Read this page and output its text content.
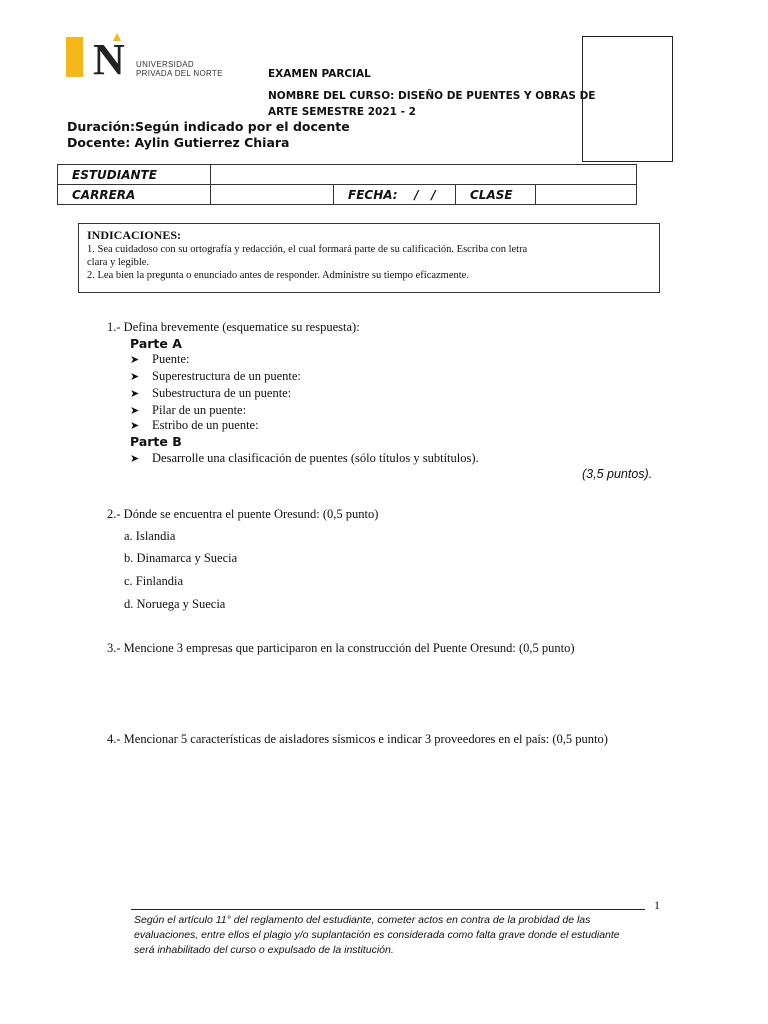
N UNIVERSIDAD
PRIVADA DEL NORTE	EXAMEN PARCIAL
NOMBRE DEL CURSO: DISEÑO DE PUENTES Y OBRAS DE
ARTE SEMESTRE 2021 - 2
Duración:Según indicado por el docente
Docente: Aylin Gutierrez Chiara
ESTUDIANTE				
CARRERA		FECHA: /   /	CLASE	
INDICACIONES:
1. Sea cuidadoso con su ortografía y redacción, el cual formará parte de su calificación. Escriba con letra
clara y legible.
2. Lea bien la pregunta o enunciado antes de responder. Administre su tiempo eficazmente.
1.- Defina brevemente (esquematice su respuesta):
Parte A
➤ Puente:
➤ Superestructura de un puente:
➤ Subestructura de un puente:
➤ Pilar de un puente:
➤ Estribo de un puente:
Parte B
➤ Desarrolle una clasificación de puentes (sólo títulos y subtítulos).
(3,5 puntos).
2.- Dónde se encuentra el puente Oresund: (0,5 punto)
a. Islandia
b. Dinamarca y Suecia
c. Finlandia
d. Noruega y Suecia
3.- Mencione 3 empresas que participaron en la construcción del Puente Oresund: (0,5 punto)
4.- Mencionar 5 características de aisladores sísmicos e indicar 3 proveedores en el país: (0,5 punto)
1
Según el artículo 11° del reglamento del estudiante, cometer actos en contra de la probidad de las
evaluaciones, entre ellos el plagio y/o suplantación es considerada como falta grave donde el estudiante
será inhabilitado del curso o expulsado de la institución.
